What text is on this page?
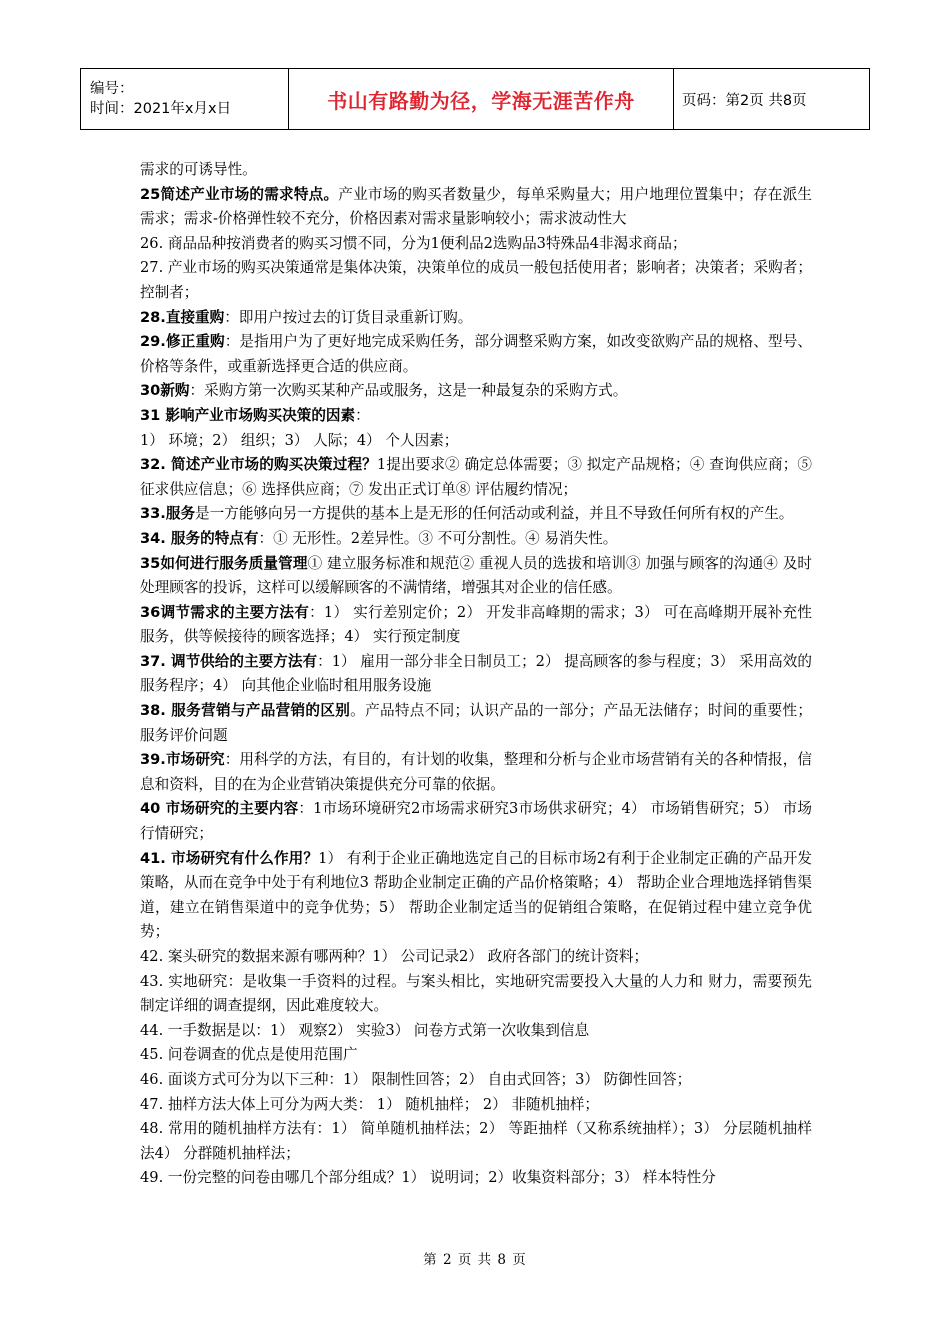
编号：
时间：2021年x月x日	书山有路勤为径，学海无涯苦作舟	页码：第2页 共8页

需求的可诱导性。

25简述产业市场的需求特点。产业市场的购买者数量少，每单采购量大；用户地理位置集中；存在派生需求；需求-价格弹性较不充分，价格因素对需求量影响较小；需求波动性大

26. 商品品种按消费者的购买习惯不同，分为1便利品2选购品3特殊品4非渴求商品；

27. 产业市场的购买决策通常是集体决策，决策单位的成员一般包括使用者；影响者；决策者；采购者；控制者；

28.直接重购：即用户按过去的订货目录重新订购。

29.修正重购：是指用户为了更好地完成采购任务，部分调整采购方案，如改变欲购产品的规格、型号、价格等条件，或重新选择更合适的供应商。

30新购：采购方第一次购买某种产品或服务，这是一种最复杂的采购方式。

31 影响产业市场购买决策的因素：

1） 环境；2） 组织；3） 人际；4） 个人因素；

32. 简述产业市场的购买决策过程？1提出要求② 确定总体需要；③ 拟定产品规格；④ 查询供应商；⑤ 征求供应信息；⑥ 选择供应商；⑦ 发出正式订单⑧ 评估履约情况；

33.服务是一方能够向另一方提供的基本上是无形的任何活动或利益，并且不导致任何所有权的产生。

34. 服务的特点有：① 无形性。2差异性。③ 不可分割性。④ 易消失性。

35如何进行服务质量管理① 建立服务标准和规范② 重视人员的选拔和培训③ 加强与顾客的沟通④ 及时处理顾客的投诉，这样可以缓解顾客的不满情绪，增强其对企业的信任感。

36调节需求的主要方法有：1） 实行差别定价；2） 开发非高峰期的需求；3） 可在高峰期开展补充性服务，供等候接待的顾客选择；4） 实行预定制度

37. 调节供给的主要方法有：1） 雇用一部分非全日制员工；2） 提高顾客的参与程度；3） 采用高效的服务程序；4） 向其他企业临时租用服务设施

38. 服务营销与产品营销的区别。产品特点不同；认识产品的一部分；产品无法储存；时间的重要性；服务评价问题

39.市场研究：用科学的方法，有目的，有计划的收集，整理和分析与企业市场营销有关的各种情报，信息和资料，目的在为企业营销决策提供充分可靠的依据。

40 市场研究的主要内容：1市场环境研究2市场需求研究3市场供求研究；4） 市场销售研究；5） 市场行情研究；

41. 市场研究有什么作用？1） 有利于企业正确地选定自己的目标市场2有利于企业制定正确的产品开发策略，从而在竞争中处于有利地位3 帮助企业制定正确的产品价格策略；4） 帮助企业合理地选择销售渠道，建立在销售渠道中的竞争优势；5） 帮助企业制定适当的促销组合策略，在促销过程中建立竞争优势；

42. 案头研究的数据来源有哪两种？1） 公司记录2） 政府各部门的统计资料；

43. 实地研究：是收集一手资料的过程。与案头相比，实地研究需要投入大量的人力和 财力，需要预先制定详细的调查提纲，因此难度较大。

44. 一手数据是以：1） 观察2） 实验3） 问卷方式第一次收集到信息

45. 问卷调查的优点是使用范围广

46. 面谈方式可分为以下三种：1） 限制性回答；2） 自由式回答；3） 防御性回答；

47. 抽样方法大体上可分为两大类： 1） 随机抽样； 2） 非随机抽样；

48. 常用的随机抽样方法有：1） 简单随机抽样法；2） 等距抽样（又称系统抽样）；3） 分层随机抽样法4） 分群随机抽样法；

49. 一份完整的问卷由哪几个部分组成？1） 说明词；2）收集资料部分；3） 样本特性分

第 2 页 共 8 页
